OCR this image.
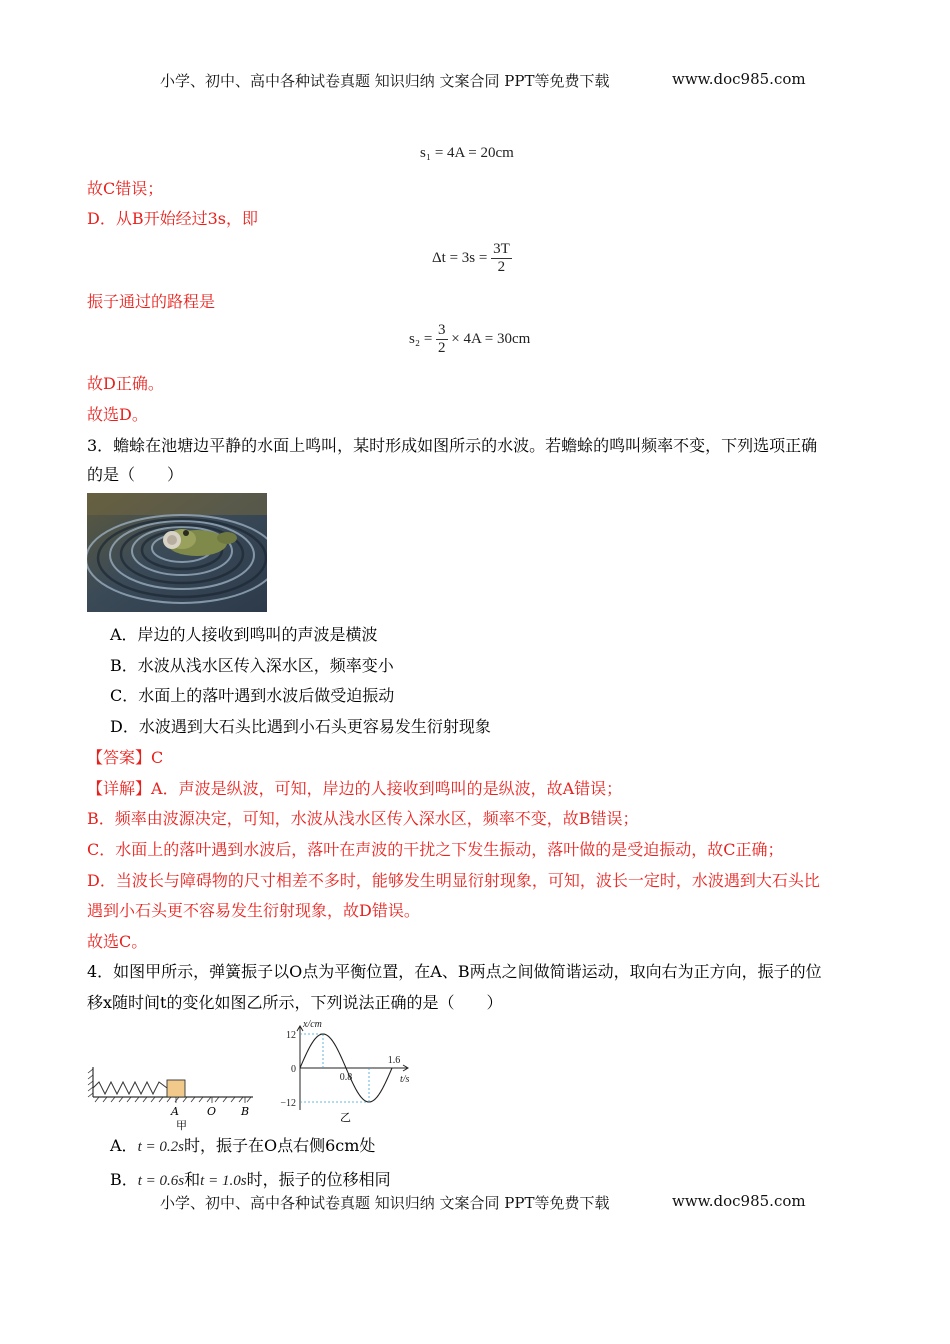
小学、初中、高中各种试卷真题 知识归纳 文案合同 PPT等免费下载	www.doc985.com
s₁ = 4A = 20cm
故C错误；
D．从B开始经过3s，即
$\Delta t = 3s = \frac{3T}{2}$
振子通过的路程是
$s_2 = \frac{3}{2} \times 4A = 30cm$
故D正确。
故选D。
3．蟾蜍在池塘边平静的水面上鸣叫，某时形成如图所示的水波。若蟾蜍的鸣叫频率不变，下列选项正确
的是（　　）
A．岸边的人接收到鸣叫的声波是横波
B．水波从浅水区传入深水区，频率变小
C．水面上的落叶遇到水波后做受迫振动
D．水波遇到大石头比遇到小石头更容易发生衍射现象
【答案】C
【详解】A．声波是纵波，可知，岸边的人接收到鸣叫的是纵波，故A错误；
B．频率由波源决定，可知，水波从浅水区传入深水区，频率不变，故B错误；
C．水面上的落叶遇到水波后，落叶在声波的干扰之下发生振动，落叶做的是受迫振动，故C正确；
D．当波长与障碍物的尺寸相差不多时，能够发生明显衍射现象，可知，波长一定时，水波遇到大石头比
遇到小石头更不容易发生衍射现象，故D错误。
故选C。
4．如图甲所示，弹簧振子以O点为平衡位置，在A、B两点之间做简谐运动，取向右为正方向，振子的位
移x随时间t的变化如图乙所示，下列说法正确的是（　　）
A	O B
甲
x/cm
t/s
12
0
−12
0.8
1.6
乙
A．t = 0.2s时，振子在O点右侧6cm处
B．t = 0.6s和t = 1.0s时，振子的位移相同
小学、初中、高中各种试卷真题 知识归纳 文案合同 PPT等免费下载	www.doc985.com
